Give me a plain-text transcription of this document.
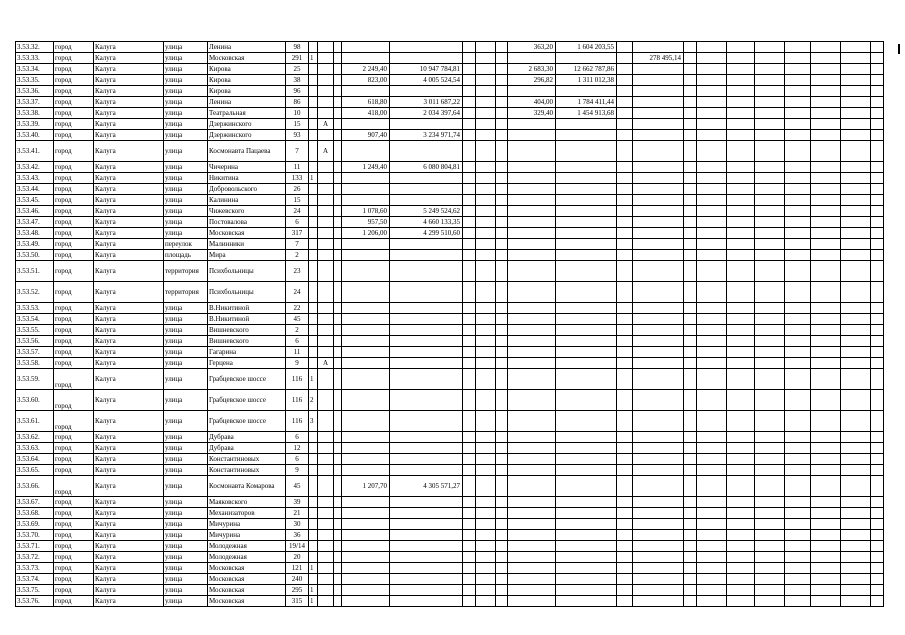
3.53.32.	город	Калуга	улица	Ленина	98									363,20	1 604 203,55										
3.53.33.	город	Калуга	улица	Московская	291	1											278 495,14								
3.53.34.	город	Калуга	улица	Кирова	25				2 249,40	10 947 784,81				2 683,30	12 662 787,86										
3.53.35.	город	Калуга	улица	Кирова	38				823,00	4 005 524,54				296,82	1 311 012,38										
3.53.36.	город	Калуга	улица	Кирова	96																				
3.53.37.	город	Калуга	улица	Ленина	86				618,80	3 011 687,22				404,00	1 784 411,44										
3.53.38.	город	Калуга	улица	Театральная	10				418,00	2 034 397,64				329,40	1 454 913,68										
3.53.39.	город	Калуга	улица	Дзержинского	15		А																		
3.53.40.	город	Калуга	улица	Дзержинского	93				907,40	3 234 971,74															
3.53.41.	город	Калуга	улица	Космонавта Пацаева	7		А																		
3.53.42.	город	Калуга	улица	Чичерина	11				1 249,40	6 080 804,81															
3.53.43.	город	Калуга	улица	Никитина	133	1																			
3.53.44.	город	Калуга	улица	Добровольского	26																				
3.53.45.	город	Калуга	улица	Калинина	15																				
3.53.46.	город	Калуга	улица	Чижевского	24				1 078,60	5 249 524,62															
3.53.47.	город	Калуга	улица	Постовалова	6				957,50	4 660 133,35															
3.53.48.	город	Калуга	улица	Московская	317				1 206,00	4 299 510,60															
3.53.49.	город	Калуга	переулок	Малинники	7																				
3.53.50.	город	Калуга	площадь	Мира	2																				
3.53.51.	город	Калуга	территория	Психбольницы	23																				
3.53.52.	город	Калуга	территория	Психбольницы	24																				
3.53.53.	город	Калуга	улица	В.Никитиной	22																				
3.53.54.	город	Калуга	улица	В.Никитиной	45																				
3.53.55.	город	Калуга	улица	Вишневского	2																				
3.53.56.	город	Калуга	улица	Вишневского	6																				
3.53.57.	город	Калуга	улица	Гагарина	11																				
3.53.58.	город	Калуга	улица	Герцена	9		А																		
3.53.59.	город	Калуга	улица	Грабцевское шоссе	116	1																			
3.53.60.	город	Калуга	улица	Грабцевское шоссе	116	2																			
3.53.61.	город	Калуга	улица	Грабцевское шоссе	116	3																			
3.53.62.	город	Калуга	улица	Дубрава	6																				
3.53.63.	город	Калуга	улица	Дубрава	12																				
3.53.64.	город	Калуга	улица	Константиновых	6																				
3.53.65.	город	Калуга	улица	Константиновых	9																				
3.53.66.	город	Калуга	улица	Космонавта Комарова	45				1 207,70	4 305 571,27															
3.53.67.	город	Калуга	улица	Маяковского	39																				
3.53.68.	город	Калуга	улица	Механизаторов	21																				
3.53.69.	город	Калуга	улица	Мичурина	30																				
3.53.70.	город	Калуга	улица	Мичурина	36																				
3.53.71.	город	Калуга	улица	Молодежная	19/14																				
3.53.72.	город	Калуга	улица	Молодежная	20																				
3.53.73.	город	Калуга	улица	Московская	121	1																			
3.53.74.	город	Калуга	улица	Московская	240																				
3.53.75.	город	Калуга	улица	Московская	295	1																			
3.53.76.	город	Калуга	улица	Московская	315	1																			
